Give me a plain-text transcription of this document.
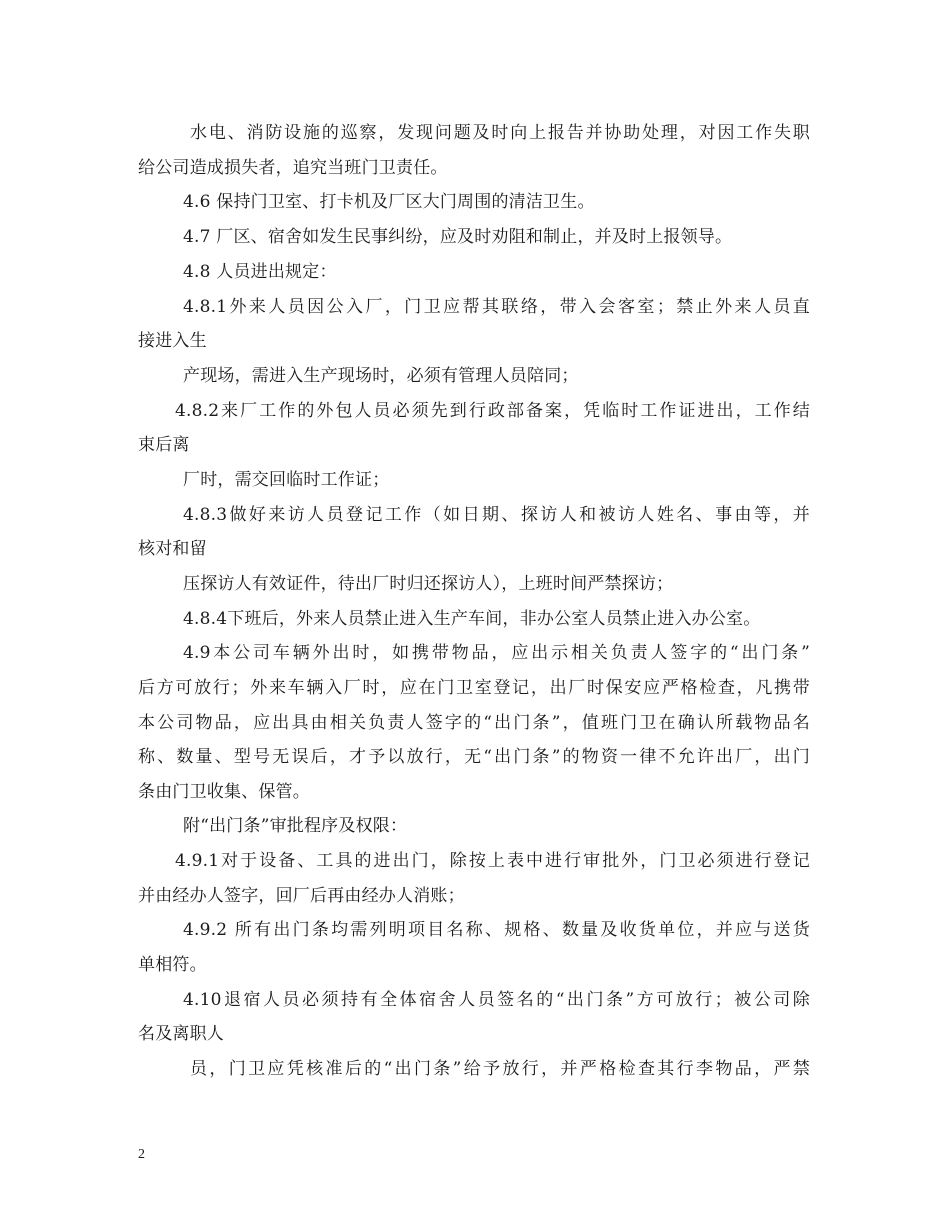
水电、消防设施的巡察，发现问题及时向上报告并协助处理，对因工作失职
给公司造成损失者，追究当班门卫责任。
4.6 保持门卫室、打卡机及厂区大门周围的清洁卫生。
4.7 厂区、宿舍如发生民事纠纷，应及时劝阻和制止，并及时上报领导。
4.8 人员进出规定：
4.8.1外来人员因公入厂，门卫应帮其联络，带入会客室；禁止外来人员直
接进入生
产现场，需进入生产现场时，必须有管理人员陪同；
4.8.2来厂工作的外包人员必须先到行政部备案，凭临时工作证进出，工作结
束后离
厂时，需交回临时工作证；
4.8.3做好来访人员登记工作（如日期、探访人和被访人姓名、事由等，并
核对和留
压探访人有效证件，待出厂时归还探访人），上班时间严禁探访；
4.8.4下班后，外来人员禁止进入生产车间，非办公室人员禁止进入办公室。
4.9本公司车辆外出时，如携带物品，应出示相关负责人签字的“出门条”
后方可放行；外来车辆入厂时，应在门卫室登记，出厂时保安应严格检查，凡携带
本公司物品，应出具由相关负责人签字的“出门条”，值班门卫在确认所载物品名
称、数量、型号无误后，才予以放行，无“出门条”的物资一律不允许出厂，出门
条由门卫收集、保管。
附“出门条”审批程序及权限：
4.9.1对于设备、工具的进出门，除按上表中进行审批外，门卫必须进行登记
并由经办人签字，回厂后再由经办人消账；
4.9.2 所有出门条均需列明项目名称、规格、数量及收货单位，并应与送货
单相符。
4.10退宿人员必须持有全体宿舍人员签名的“出门条”方可放行；被公司除
名及离职人
员，门卫应凭核准后的“出门条”给予放行，并严格检查其行李物品，严禁
2
